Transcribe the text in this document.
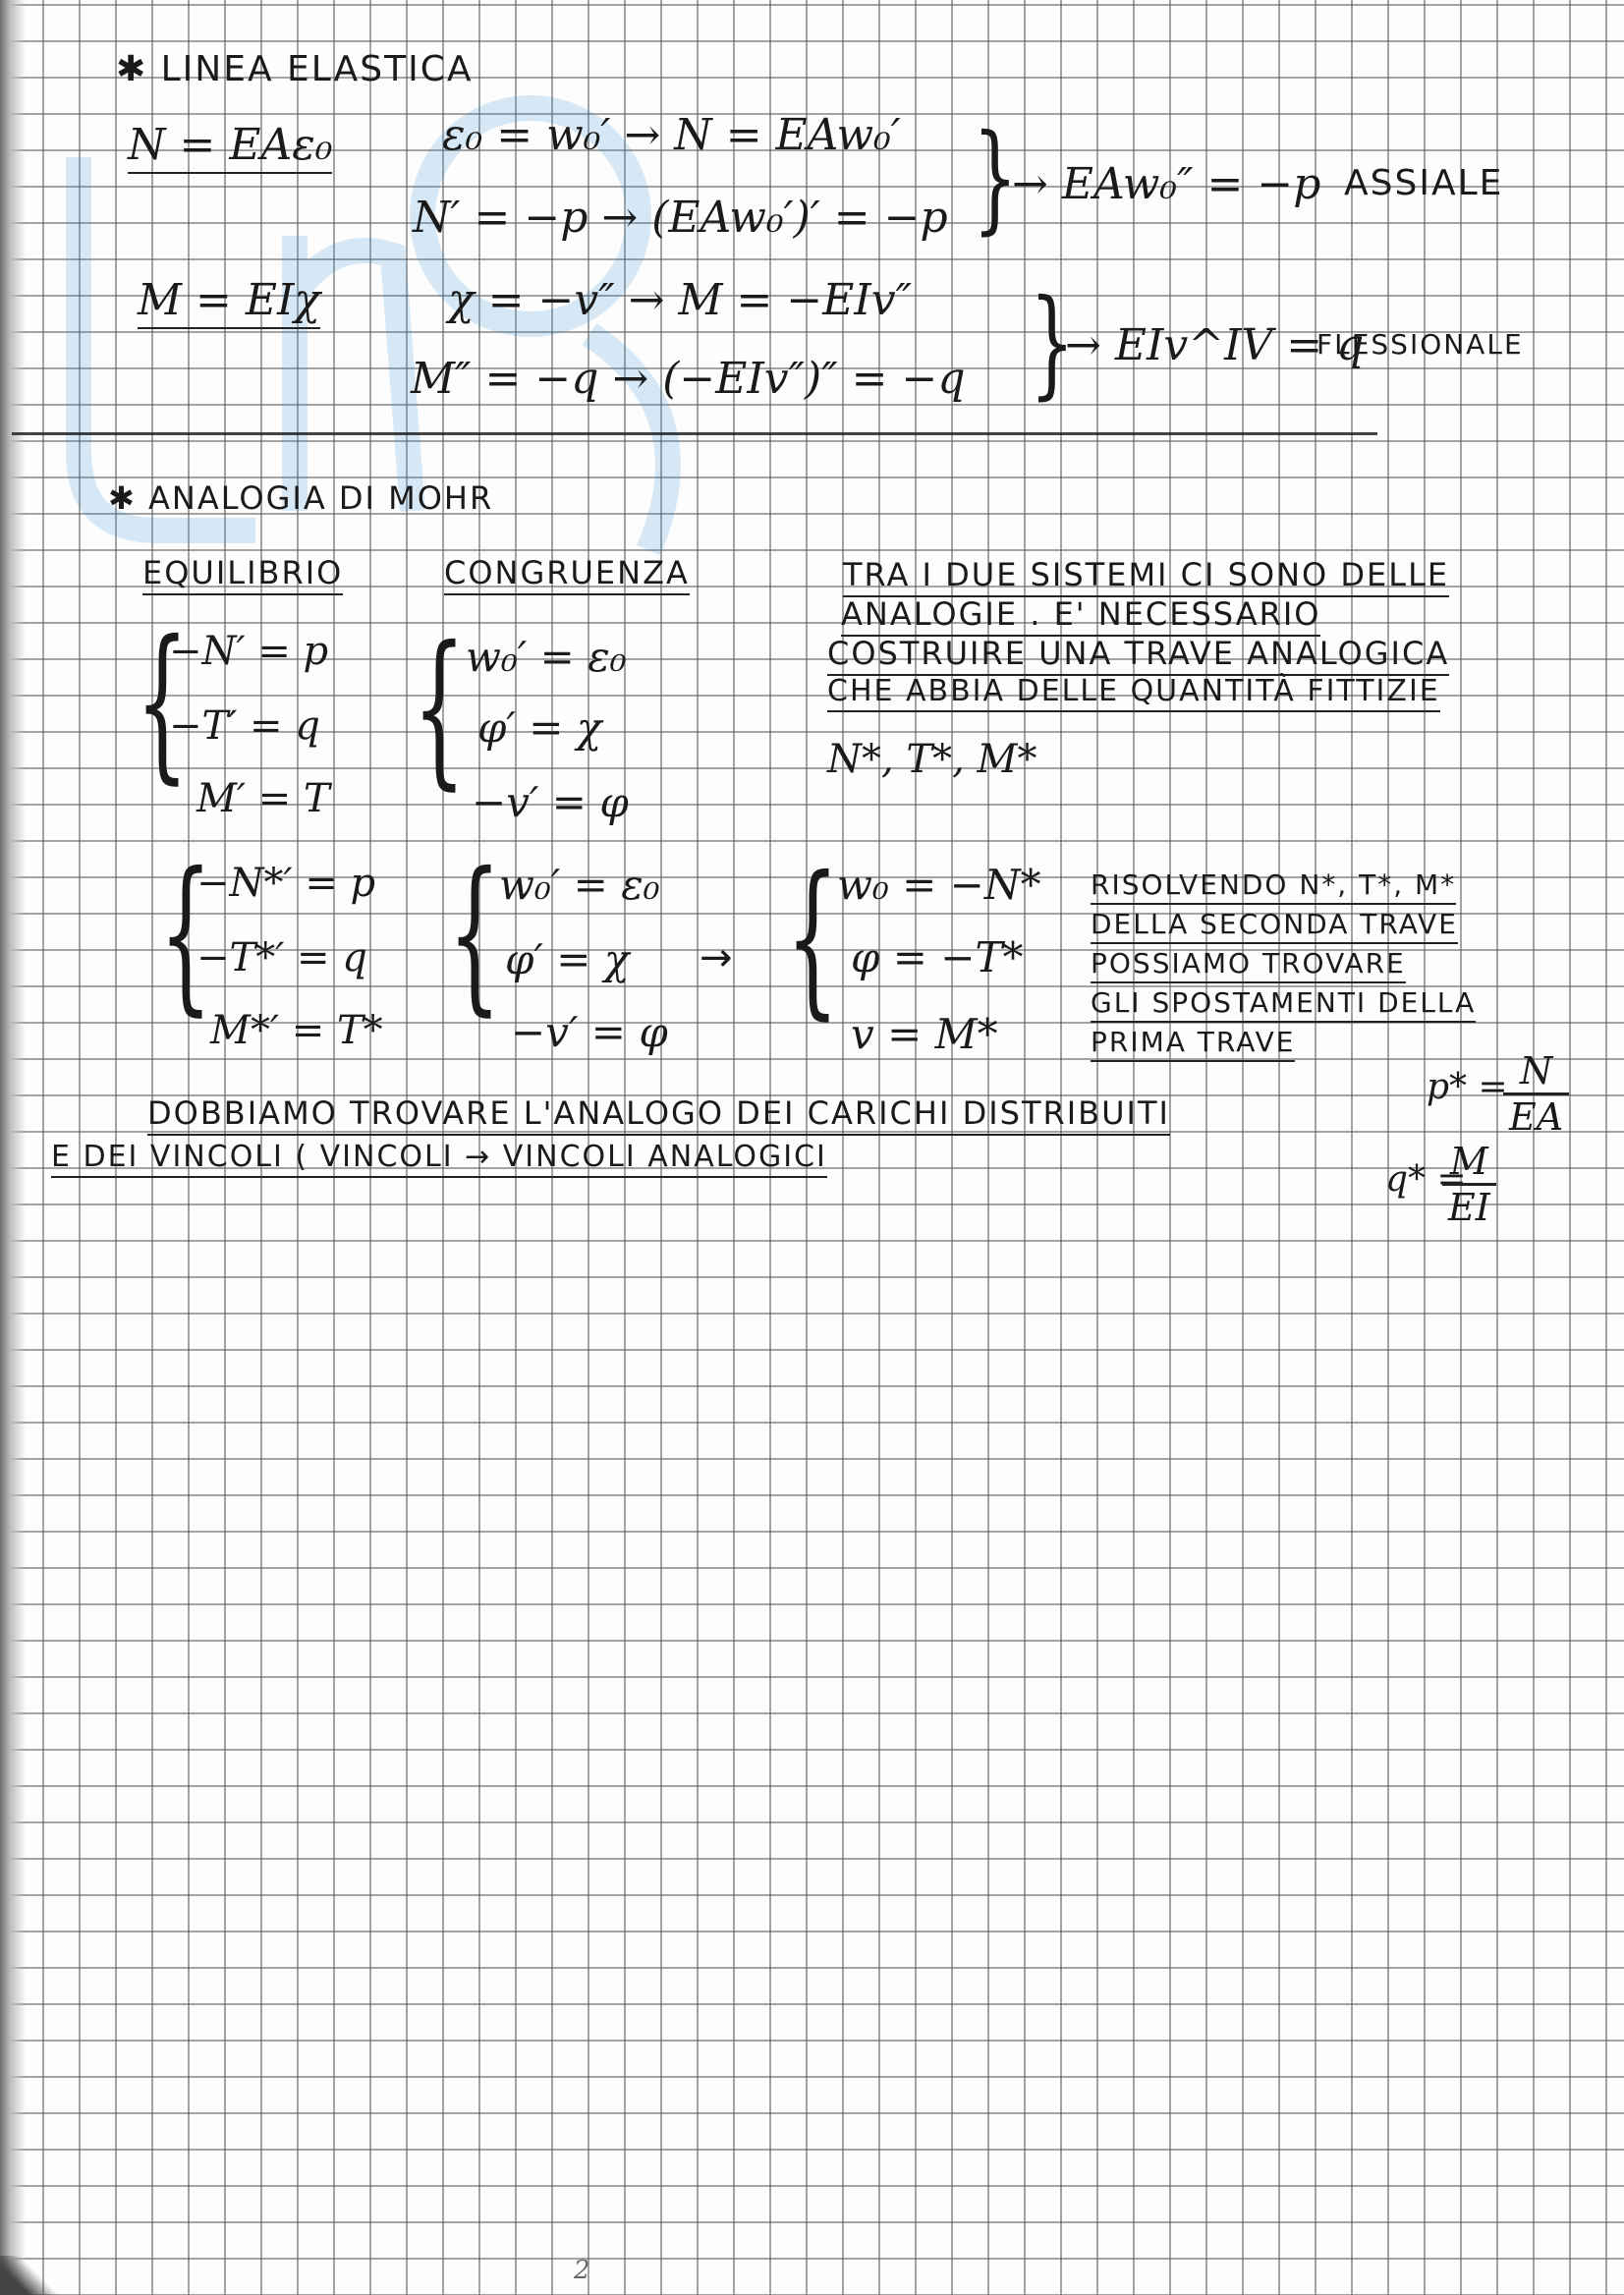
✱ LINEA ELASTICA
N = EAε₀	ε₀ = w₀′ → N = EAw₀′
N′ = −p → (EAw₀′)′ = −p }
→ EAw₀″ = −p ASSIALE
M = EIχ	χ = −v″ → M = −EIv″
M″ = −q → (−EIv″)″ = −q }
→ EIv^IV = q
FLESSIONALE
✱ ANALOGIA DI MOHR
EQUILIBRIO	CONGRUENZA	TRA I DUE SISTEMI CI SONO DELLE
ANALOGIE . E' NECESSARIO
COSTRUIRE UNA TRAVE ANALOGICA
CHE ABBIA DELLE QUANTITÀ FITTIZIE
N*, T*, M*
{
−N′ = p
−T′ = q
M′ = T { w₀′ = ε₀
φ′ = χ
−v′ = φ
{
−N*′ = p
−T*′ = q
M*′ = T* {
w₀′ = ε₀
φ′ = χ
−v′ = φ
→ {
w₀ = −N*
φ = −T*
v = M*
RISOLVENDO N*, T*, M*
DELLA SECONDA TRAVE
POSSIAMO TROVARE
GLI SPOSTAMENTI DELLA
PRIMA TRAVE
DOBBIAMO TROVARE L'ANALOGO DEI CARICHI DISTRIBUITI
E DEI VINCOLI ( VINCOLI → VINCOLI ANALOGICI
p* =
$\frac{N}{EA}$
q* =
$\frac{M}{EI}$
2
